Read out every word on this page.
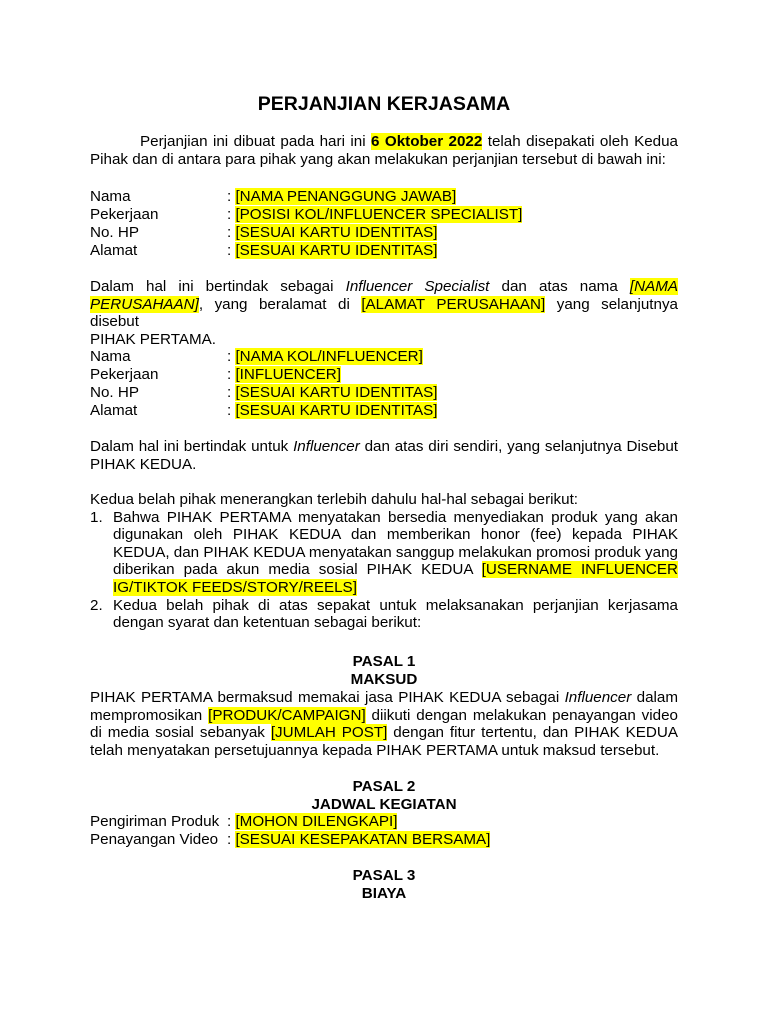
PERJANJIAN KERJASAMA
Perjanjian ini dibuat pada hari ini 6 Oktober 2022 telah disepakati oleh Kedua
Pihak dan di antara para pihak yang akan melakukan perjanjian tersebut di bawah ini:
Nama	: [NAMA PENANGGUNG JAWAB]
Pekerjaan	: [POSISI KOL/INFLUENCER SPECIALIST]
No. HP	: [SESUAI KARTU IDENTITAS]
Alamat	: [SESUAI KARTU IDENTITAS]
Dalam hal ini bertindak sebagai Influencer Specialist dan atas nama [NAMA
PERUSAHAAN], yang beralamat di [ALAMAT PERUSAHAAN] yang selanjutnya disebut
PIHAK PERTAMA.
Nama	: [NAMA KOL/INFLUENCER]
Pekerjaan	: [INFLUENCER]
No. HP	: [SESUAI KARTU IDENTITAS]
Alamat	: [SESUAI KARTU IDENTITAS]
Dalam hal ini bertindak untuk Influencer dan atas diri sendiri, yang selanjutnya Disebut
PIHAK KEDUA.
Kedua belah pihak menerangkan terlebih dahulu hal-hal sebagai berikut:
1. Bahwa PIHAK PERTAMA menyatakan bersedia menyediakan produk yang akan digunakan oleh PIHAK KEDUA dan memberikan honor (fee) kepada PIHAK KEDUA, dan PIHAK KEDUA menyatakan sanggup melakukan promosi produk yang diberikan pada akun media sosial PIHAK KEDUA [USERNAME INFLUENCER IG/TIKTOK FEEDS/STORY/REELS]
2. Kedua belah pihak di atas sepakat untuk melaksanakan perjanjian kerjasama dengan syarat dan ketentuan sebagai berikut:
PASAL 1
MAKSUD
PIHAK PERTAMA bermaksud memakai jasa PIHAK KEDUA sebagai Influencer dalam mempromosikan [PRODUK/CAMPAIGN] diikuti dengan melakukan penayangan video di media sosial sebanyak [JUMLAH POST] dengan fitur tertentu, dan PIHAK KEDUA telah menyatakan persetujuannya kepada PIHAK PERTAMA untuk maksud tersebut.
PASAL 2
JADWAL KEGIATAN
Pengiriman Produk : [MOHON DILENGKAPI]
Penayangan Video : [SESUAI KESEPAKATAN BERSAMA]
PASAL 3
BIAYA
